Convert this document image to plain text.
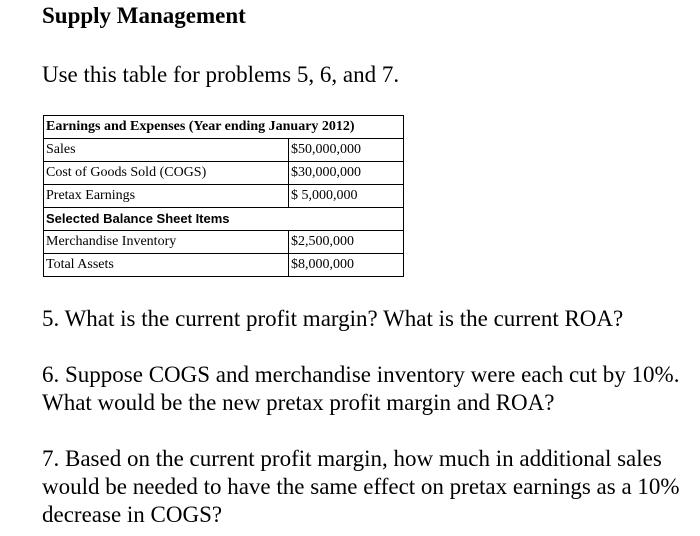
Supply Management
Use this table for problems 5, 6, and 7.
Earnings and Expenses (Year ending January 2012)	
Sales	$50,000,000
Cost of Goods Sold (COGS)	$30,000,000
Pretax Earnings	$ 5,000,000
Selected Balance Sheet Items	
Merchandise Inventory	$2,500,000
Total Assets	$8,000,000
5. What is the current profit margin? What is the current ROA?
6. Suppose COGS and merchandise inventory were each cut by 10%. What would be the new pretax profit margin and ROA?
7. Based on the current profit margin, how much in additional sales would be needed to have the same effect on pretax earnings as a 10% decrease in COGS?
